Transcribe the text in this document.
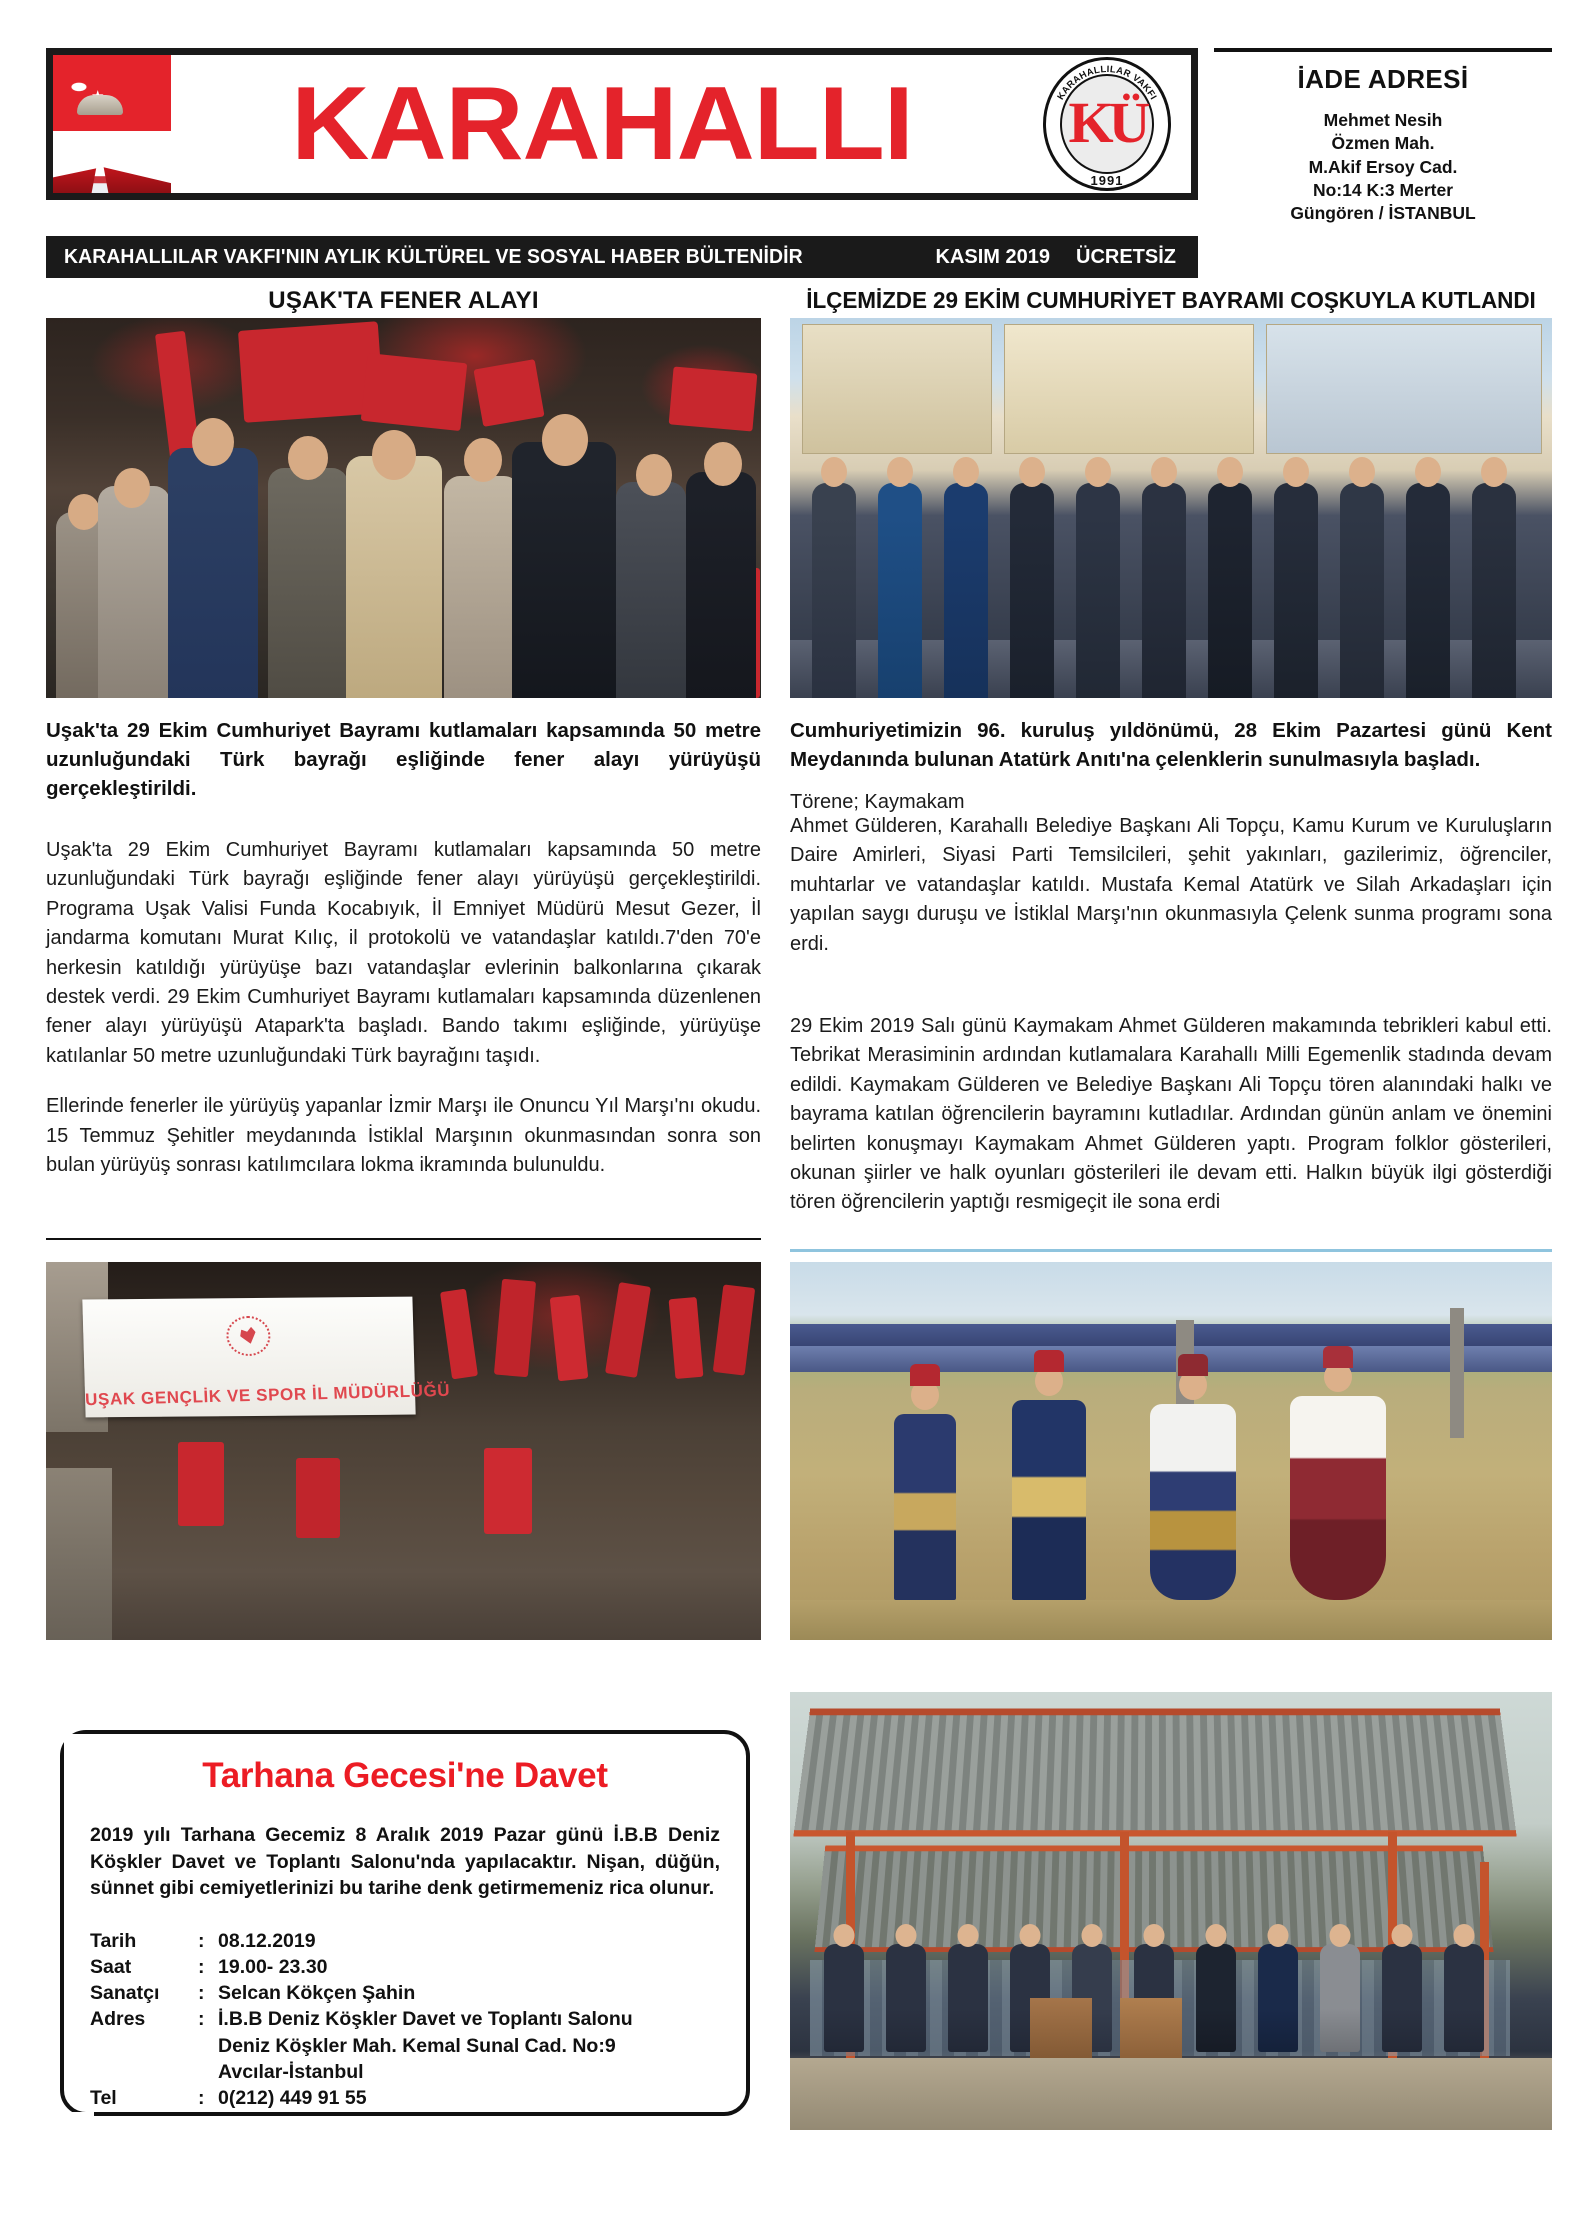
KARAHALLI	KARAHALLILAR VAKFI
KÜ
1991
İADE ADRESİ
Mehmet Nesih
Özmen Mah.
M.Akif Ersoy Cad.
No:14 K:3 Merter
Güngören / İSTANBUL
KARAHALLILAR VAKFI'NIN AYLIK KÜLTÜREL VE SOSYAL HABER BÜLTENİDİR	KASIM 2019 ÜCRETSİZ
UŞAK'TA FENER ALAYI	İLÇEMİZDE 29 EKİM CUMHURİYET BAYRAMI COŞKUYLA KUTLANDI
Uşak'ta 29 Ekim Cumhuriyet Bayramı kutlamaları kapsamında 50 metre uzunluğundaki Türk bayrağı eşliğinde fener alayı yürüyüşü gerçekleştirildi.

Uşak'ta 29 Ekim Cumhuriyet Bayramı kutlamaları kapsamında 50 metre uzunluğundaki Türk bayrağı eşliğinde fener alayı yürüyüşü gerçekleştirildi. Programa Uşak Valisi Funda Kocabıyık, İl Emniyet Müdürü Mesut Gezer, İl jandarma komutanı Murat Kılıç, il protokolü ve vatandaşlar katıldı.7'den 70'e herkesin katıldığı yürüyüşe bazı vatandaşlar evlerinin balkonlarına çıkarak destek verdi. 29 Ekim Cumhuriyet Bayramı kutlamaları kapsamında düzenlenen fener alayı yürüyüşü Atapark'ta başladı. Bando takımı eşliğinde, yürüyüşe katılanlar 50 metre uzunluğundaki Türk bayrağını taşıdı.

Ellerinde fenerler ile yürüyüş yapanlar İzmir Marşı ile Onuncu Yıl Marşı'nı okudu. 15 Temmuz Şehitler meydanında İstiklal Marşının okunmasından sonra son bulan yürüyüş sonrası katılımcılara lokma ikramında bulunuldu.

Cumhuriyetimizin 96. kuruluş yıldönümü, 28 Ekim Pazartesi günü Kent Meydanında bulunan Atatürk Anıtı'na çelenklerin sunulmasıyla başladı.
Törene; Kaymakam

Ahmet Gülderen, Karahallı Belediye Başkanı Ali Topçu, Kamu Kurum ve Kuruluşların Daire Amirleri, Siyasi Parti Temsilcileri, şehit yakınları, gazilerimiz, öğrenciler, muhtarlar ve vatandaşlar katıldı. Mustafa Kemal Atatürk ve Silah Arkadaşları için yapılan saygı duruşu ve İstiklal Marşı'nın okunmasıyla Çelenk sunma programı sona erdi.

29 Ekim 2019 Salı günü Kaymakam Ahmet Gülderen makamında tebrikleri kabul etti. Tebrikat Merasiminin ardından kutlamalara Karahallı Milli Egemenlik stadında devam edildi. Kaymakam Gülderen ve Belediye Başkanı Ali Topçu tören alanındaki halkı ve bayrama katılan öğrencilerin bayramını kutladılar. Ardından günün anlam ve önemini belirten konuşmayı Kaymakam Ahmet Gülderen yaptı. Program folklor gösterileri, okunan şiirler ve halk oyunları gösterileri ile devam etti. Halkın büyük ilgi gösterdiği tören öğrencilerin yaptığı resmigeçit ile sona erdi

UŞAK GENÇLİK VE SPOR İL MÜDÜRLÜĞÜ
Tarhana Gecesi'ne Davet
2019 yılı Tarhana Gecemiz 8 Aralık 2019 Pazar günü İ.B.B Deniz Köşkler Davet ve Toplantı Salonu'nda yapılacaktır. Nişan, düğün, sünnet gibi cemiyetlerinizi bu tarihe denk getirmemeniz rica olunur.
Tarih	: 08.12.2019
Saat	: 19.00- 23.30
Sanatçı	: Selcan Kökçen Şahin
Adres	: İ.B.B Deniz Köşkler Davet ve Toplantı Salonu
Deniz Köşkler Mah. Kemal Sunal Cad. No:9
Avcılar-İstanbul
Tel	: 0(212) 449 91 55
